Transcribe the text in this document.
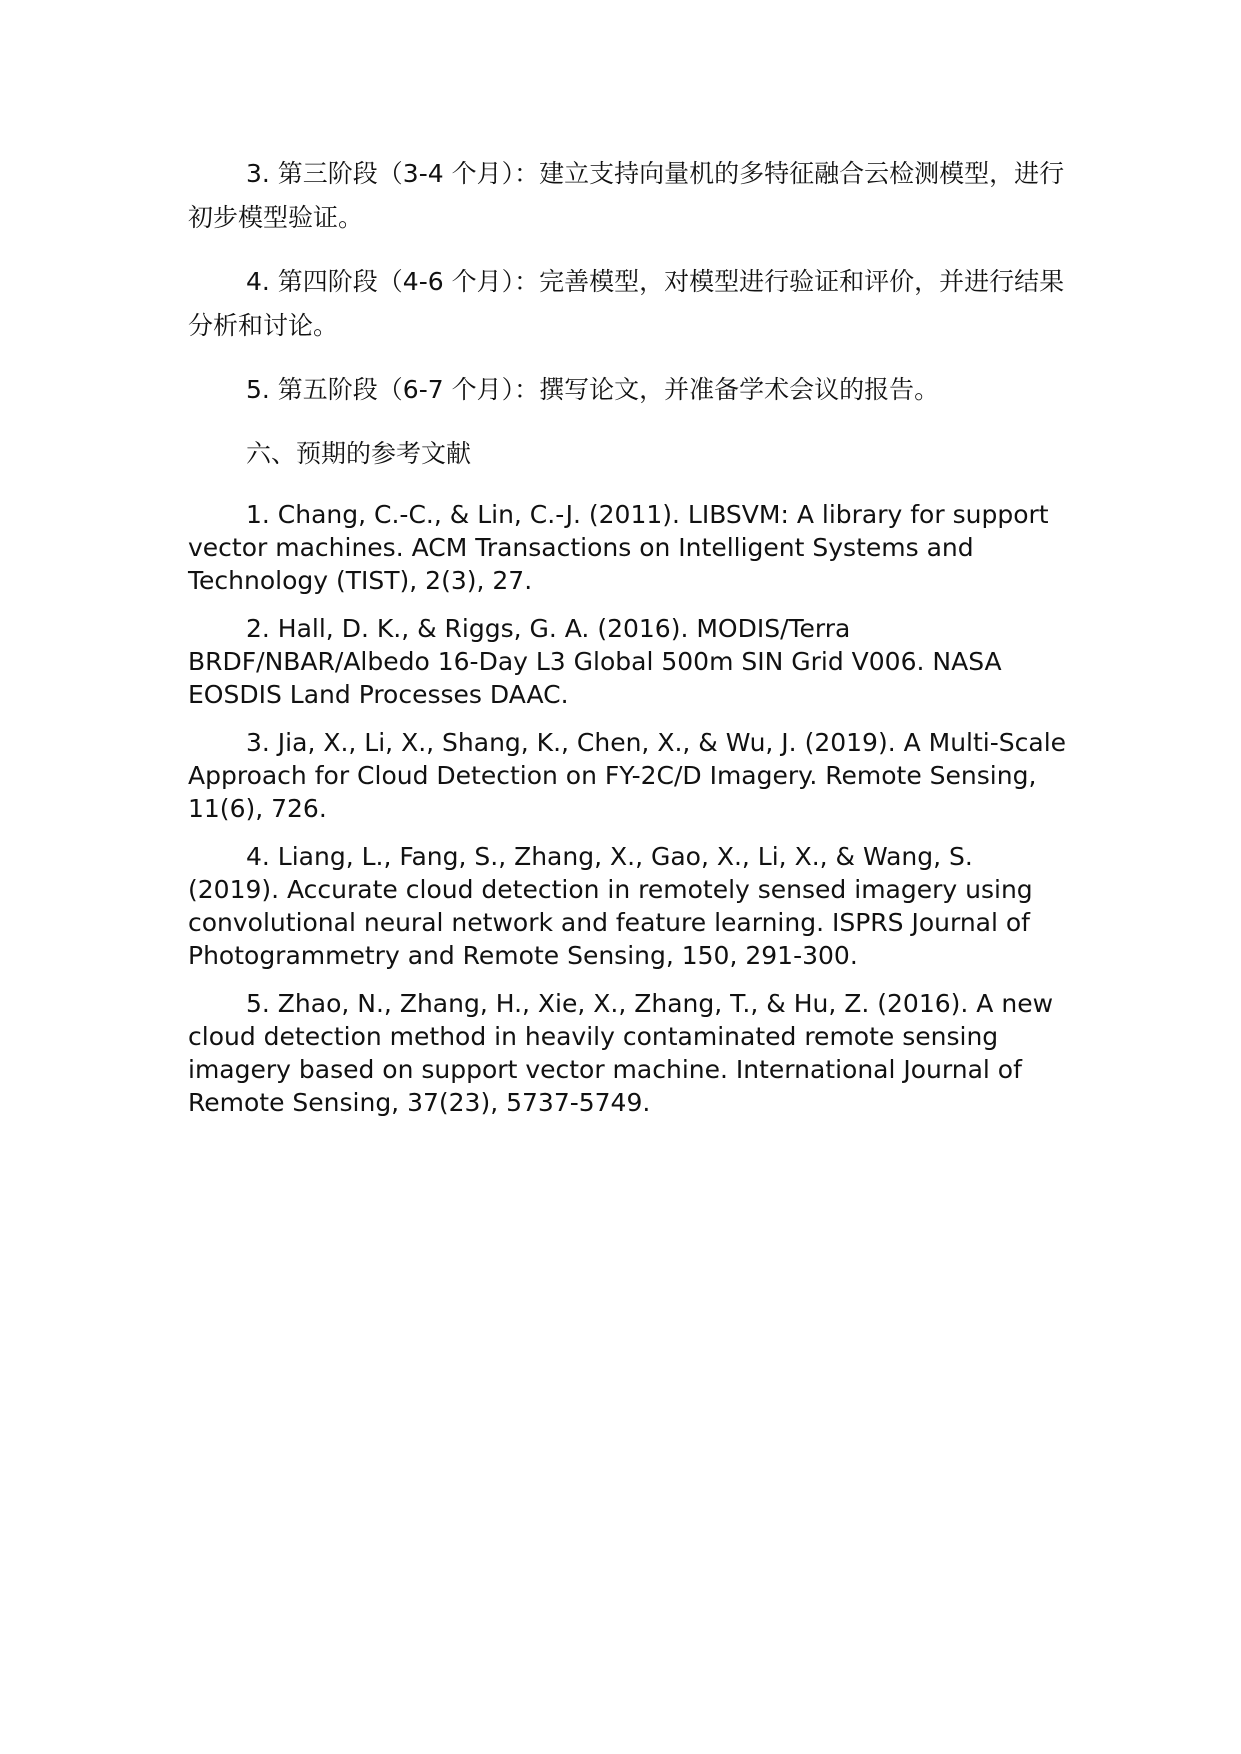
3. 第三阶段（3-4 个月）：建立支持向量机的多特征融合云检测模型，进行初步模型验证。

4. 第四阶段（4-6 个月）：完善模型，对模型进行验证和评价，并进行结果分析和讨论。

5. 第五阶段（6-7 个月）：撰写论文，并准备学术会议的报告。

六、预期的参考文献

1. Chang, C.-C., & Lin, C.-J. (2011). LIBSVM: A library for support vector machines. ACM Transactions on Intelligent Systems and Technology (TIST), 2(3), 27.

2. Hall, D. K., & Riggs, G. A. (2016). MODIS/Terra BRDF/NBAR/Albedo 16-Day L3 Global 500m SIN Grid V006. NASA EOSDIS Land Processes DAAC.

3. Jia, X., Li, X., Shang, K., Chen, X., & Wu, J. (2019). A Multi-Scale Approach for Cloud Detection on FY-2C/D Imagery. Remote Sensing, 11(6), 726.

4. Liang, L., Fang, S., Zhang, X., Gao, X., Li, X., & Wang, S. (2019). Accurate cloud detection in remotely sensed imagery using convolutional neural network and feature learning. ISPRS Journal of Photogrammetry and Remote Sensing, 150, 291-300.

5. Zhao, N., Zhang, H., Xie, X., Zhang, T., & Hu, Z. (2016). A new cloud detection method in heavily contaminated remote sensing imagery based on support vector machine. International Journal of Remote Sensing, 37(23), 5737-5749.
